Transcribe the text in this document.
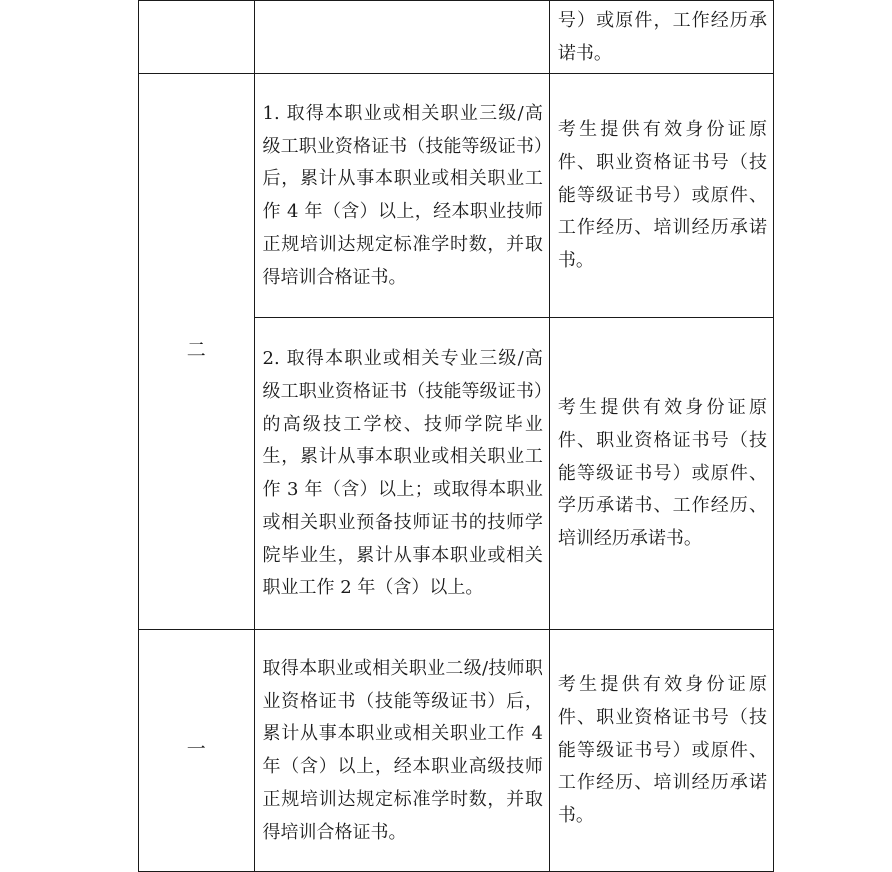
		号）或原件，工作经历承诺书。
二	1. 取得本职业或相关职业三级/高级工职业资格证书（技能等级证书）后，累计从事本职业或相关职业工作 4 年（含）以上，经本职业技师正规培训达规定标准学时数，并取得培训合格证书。	考生提供有效身份证原件、职业资格证书号（技能等级证书号）或原件、工作经历、培训经历承诺书。
	2. 取得本职业或相关专业三级/高级工职业资格证书（技能等级证书）的高级技工学校、技师学院毕业生，累计从事本职业或相关职业工作 3 年（含）以上；或取得本职业或相关职业预备技师证书的技师学院毕业生，累计从事本职业或相关职业工作 2 年（含）以上。	考生提供有效身份证原件、职业资格证书号（技能等级证书号）或原件、学历承诺书、工作经历、培训经历承诺书。
一	取得本职业或相关职业二级/技师职业资格证书（技能等级证书）后，累计从事本职业或相关职业工作 4 年（含）以上，经本职业高级技师正规培训达规定标准学时数，并取得培训合格证书。	考生提供有效身份证原件、职业资格证书号（技能等级证书号）或原件、工作经历、培训经历承诺书。
